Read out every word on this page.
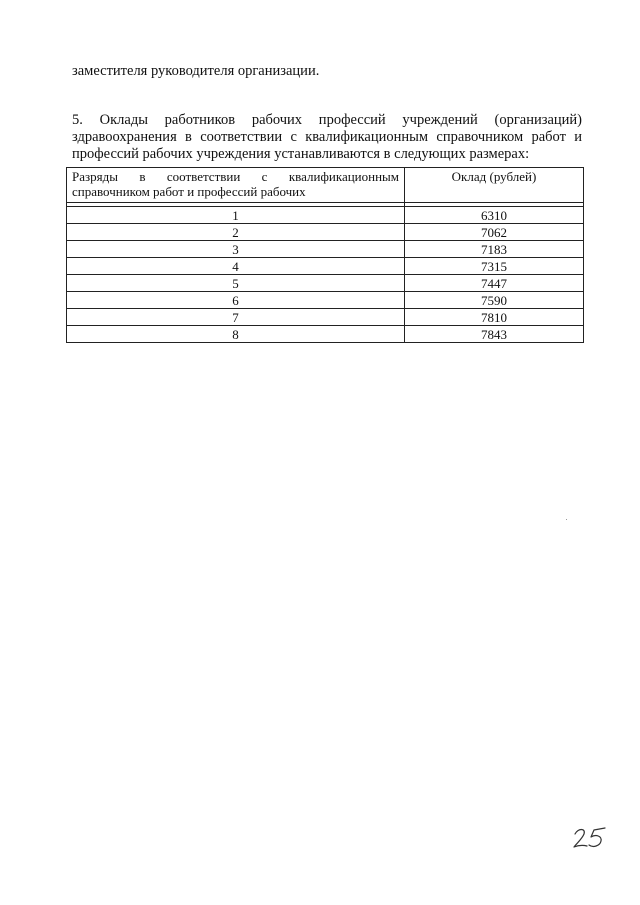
заместителя руководителя организации.
5. Оклады работников рабочих профессий учреждений (организаций)
здравоохранения в соответствии с квалификационным справочником работ и
профессий рабочих учреждения устанавливаются в следующих размерах:
Разряды в соответствии с квалификационным
справочником работ и профессий рабочих	Оклад (рублей)

1	6310
2	7062
3	7183
4	7315
5	7447
6	7590
7	7810
8	7843
